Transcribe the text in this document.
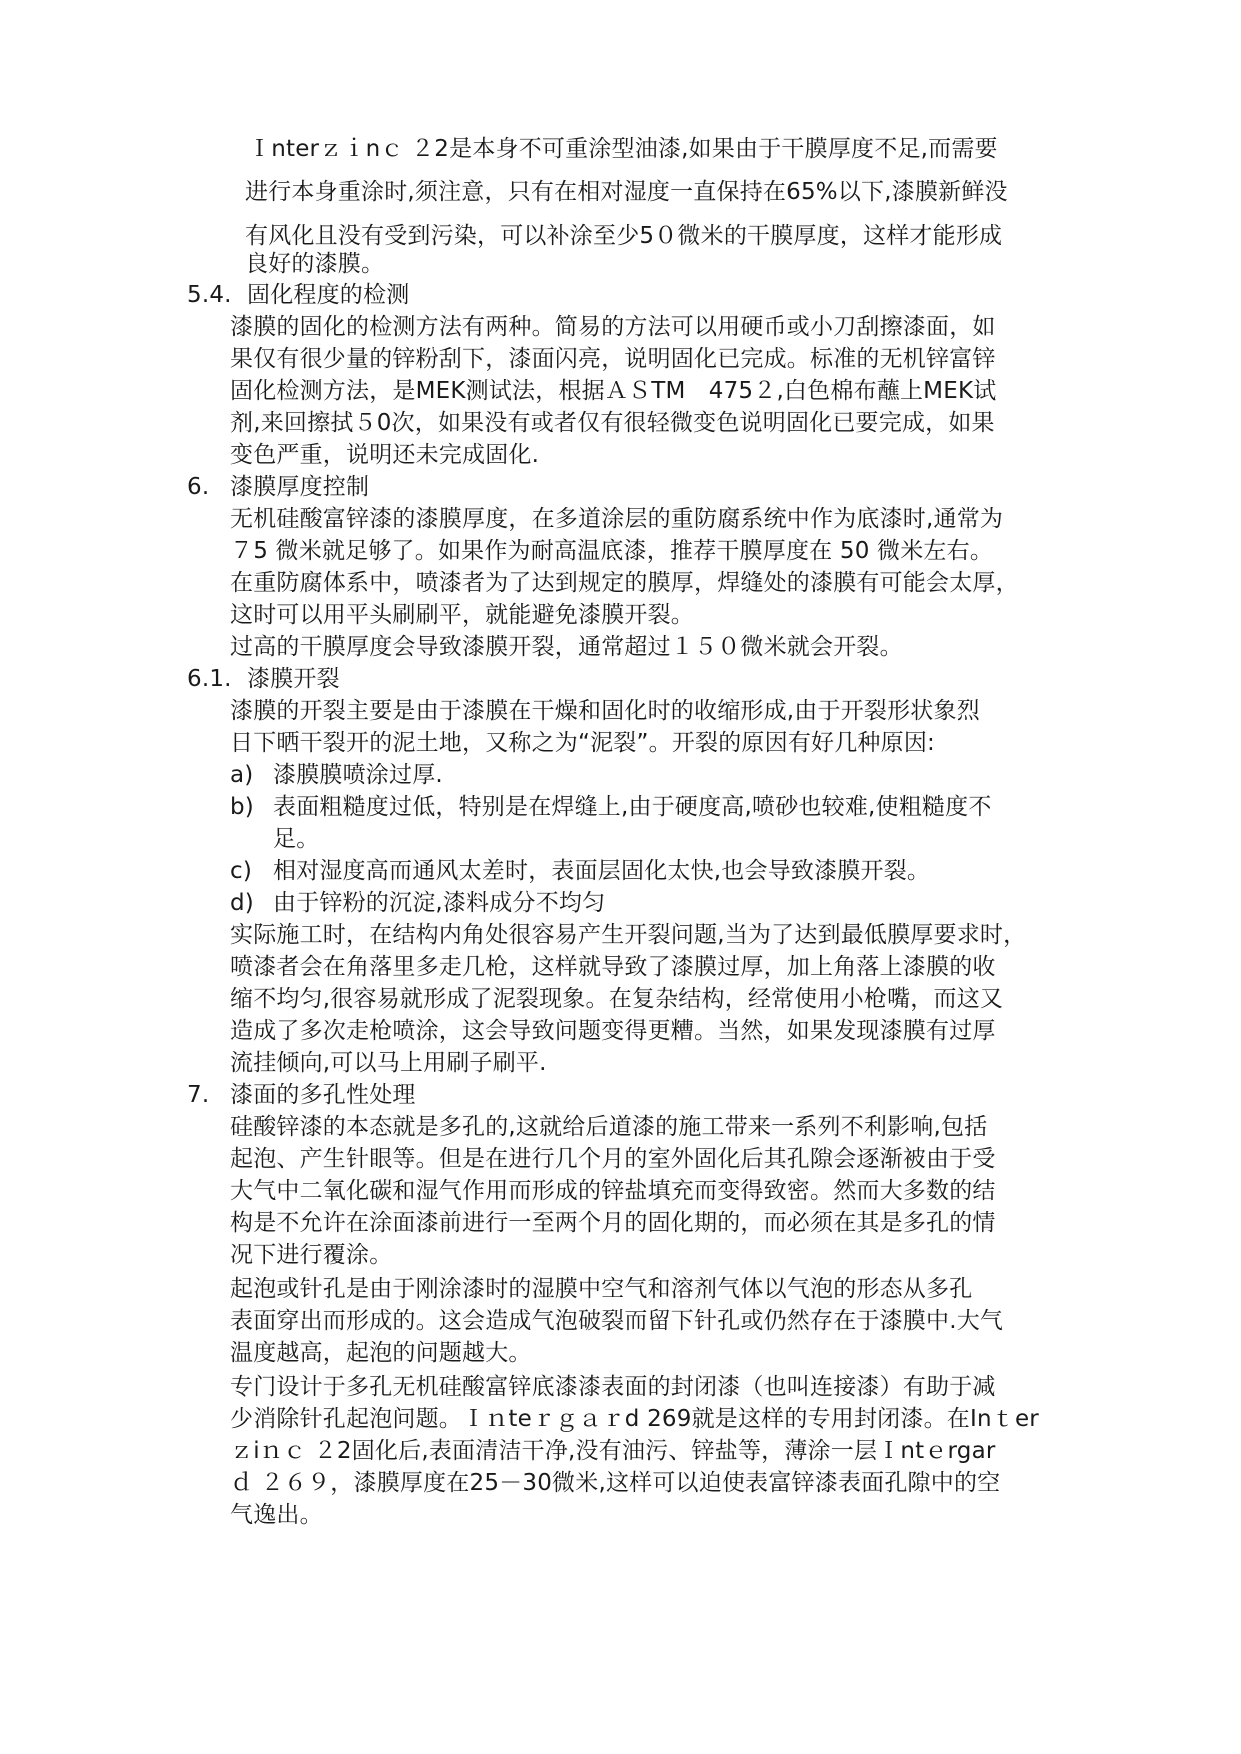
Ｉnterｚｉnｃ ２2是本身不可重涂型油漆,如果由于干膜厚度不足,而需要
进行本身重涂时,须注意，只有在相对湿度一直保持在65%以下,漆膜新鲜没
有风化且没有受到污染，可以补涂至少5０微米的干膜厚度，这样才能形成
良好的漆膜。
5.4. 固化程度的检测
漆膜的固化的检测方法有两种。简易的方法可以用硬币或小刀刮擦漆面，如
果仅有很少量的锌粉刮下，漆面闪亮，说明固化已完成。标准的无机锌富锌
固化检测方法，是MEK测试法，根据ＡＳTM　475２,白色棉布蘸上MEK试
剂,来回擦拭５0次，如果没有或者仅有很轻微变色说明固化已要完成，如果
变色严重，说明还未完成固化.
6. 漆膜厚度控制
无机硅酸富锌漆的漆膜厚度，在多道涂层的重防腐系统中作为底漆时,通常为
７5 微米就足够了。如果作为耐高温底漆，推荐干膜厚度在 50 微米左右。
在重防腐体系中，喷漆者为了达到规定的膜厚，焊缝处的漆膜有可能会太厚，
这时可以用平头刷刷平，就能避免漆膜开裂。
过高的干膜厚度会导致漆膜开裂，通常超过１５０微米就会开裂。
6.1. 漆膜开裂
漆膜的开裂主要是由于漆膜在干燥和固化时的收缩形成,由于开裂形状象烈
日下晒干裂开的泥土地，又称之为“泥裂”。开裂的原因有好几种原因:
a) 漆膜膜喷涂过厚.
b) 表面粗糙度过低，特别是在焊缝上,由于硬度高,喷砂也较难,使粗糙度不
足。
c) 相对湿度高而通风太差时，表面层固化太快,也会导致漆膜开裂。
d) 由于锌粉的沉淀,漆料成分不均匀
实际施工时，在结构内角处很容易产生开裂问题,当为了达到最低膜厚要求时，
喷漆者会在角落里多走几枪，这样就导致了漆膜过厚，加上角落上漆膜的收
缩不均匀,很容易就形成了泥裂现象。在复杂结构，经常使用小枪嘴，而这又
造成了多次走枪喷涂，这会导致问题变得更糟。当然，如果发现漆膜有过厚
流挂倾向,可以马上用刷子刷平.
7. 漆面的多孔性处理
硅酸锌漆的本态就是多孔的,这就给后道漆的施工带来一系列不利影响,包括
起泡、产生针眼等。但是在进行几个月的室外固化后其孔隙会逐渐被由于受
大气中二氧化碳和湿气作用而形成的锌盐填充而变得致密。然而大多数的结
构是不允许在涂面漆前进行一至两个月的固化期的，而必须在其是多孔的情
况下进行覆涂。
起泡或针孔是由于刚涂漆时的湿膜中空气和溶剂气体以气泡的形态从多孔
表面穿出而形成的。这会造成气泡破裂而留下针孔或仍然存在于漆膜中.大气
温度越高，起泡的问题越大。
专门设计于多孔无机硅酸富锌底漆漆表面的封闭漆（也叫连接漆）有助于减
少消除针孔起泡问题。Ｉｎteｒｇａｒd 269就是这样的专用封闭漆。在Inｔer
ｚiｎｃ ２2固化后,表面清洁干净,没有油污、锌盐等，薄涂一层Ｉntｅrgar
ｄ ２６９，漆膜厚度在25－30微米,这样可以迫使表富锌漆表面孔隙中的空
气逸出。
